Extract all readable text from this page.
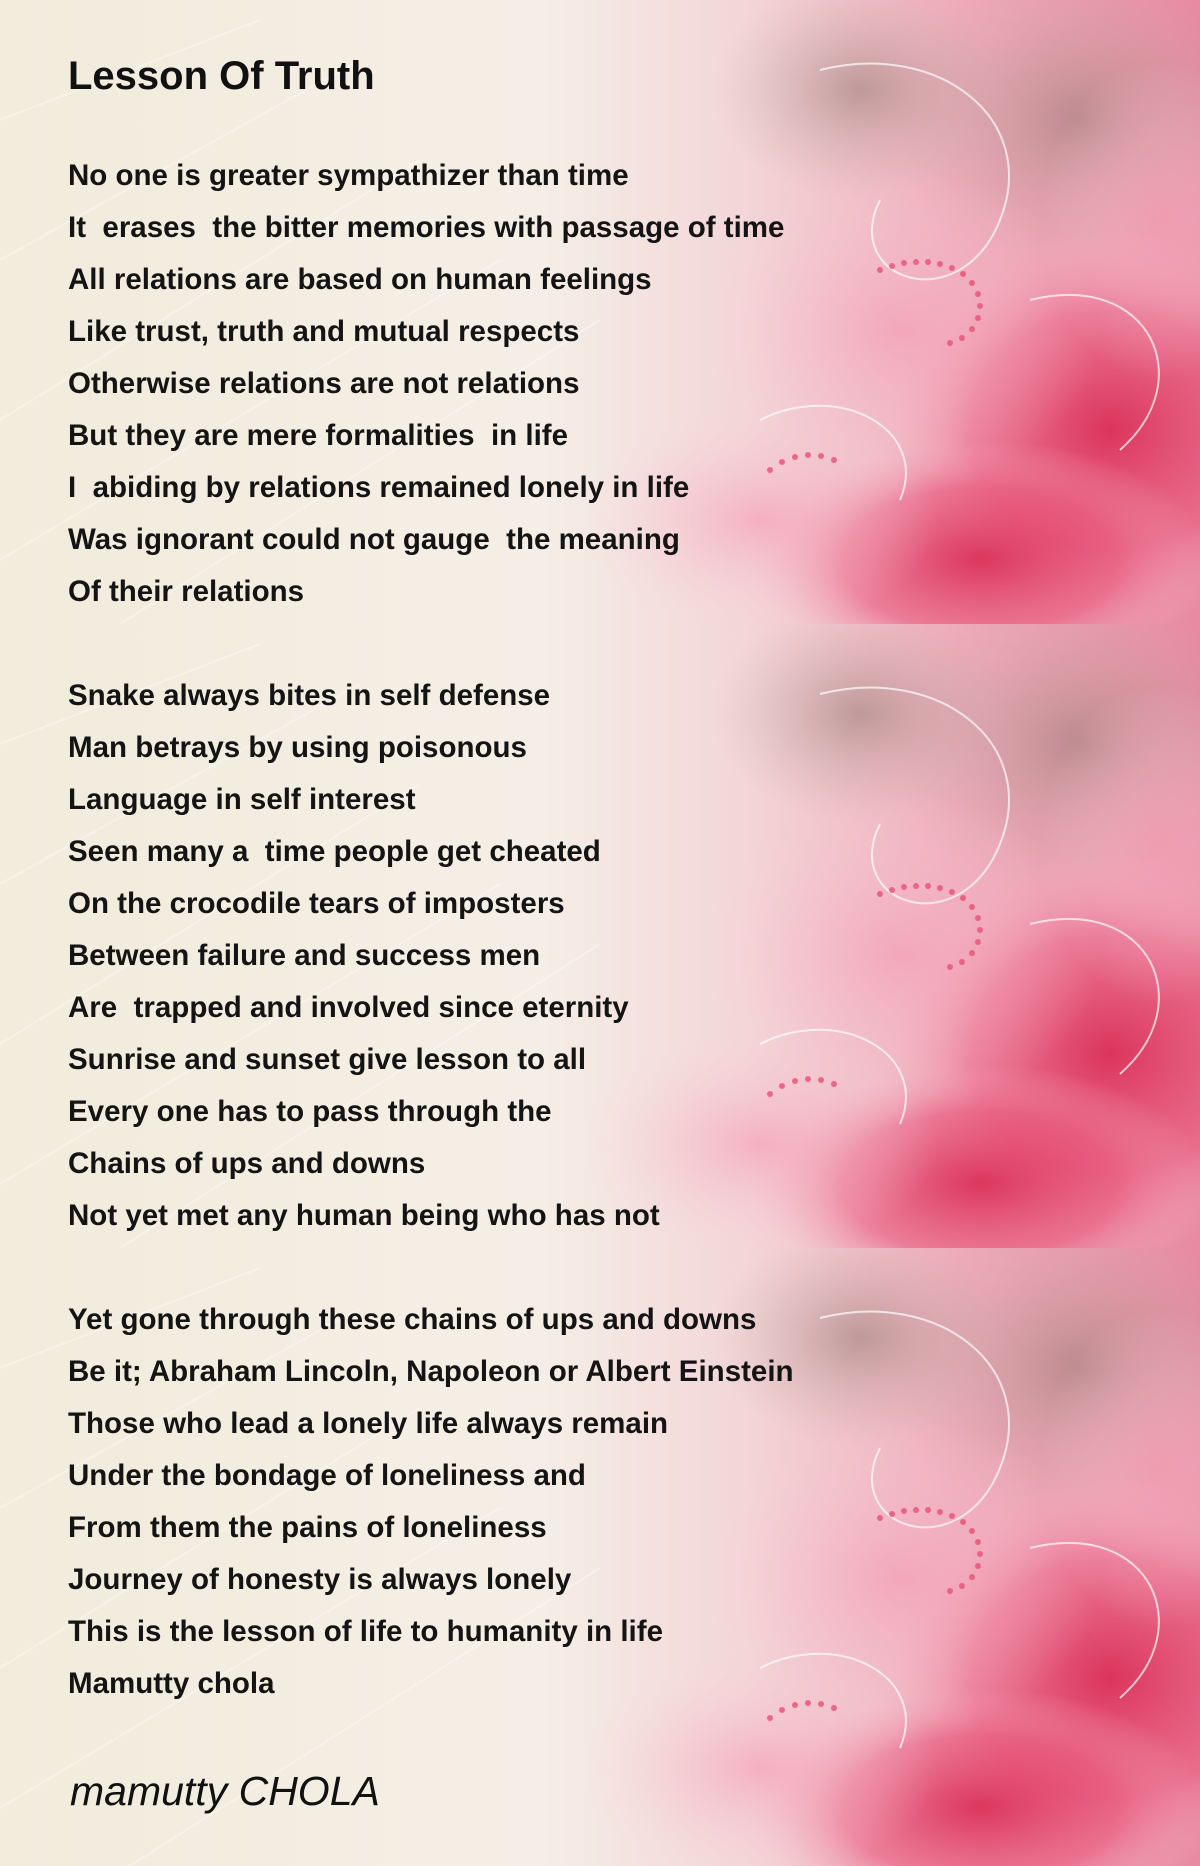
Lesson Of Truth
No one is greater sympathizer than time
It  erases  the bitter memories with passage of time
All relations are based on human feelings
Like trust, truth and mutual respects
Otherwise relations are not relations
But they are mere formalities  in life
I  abiding by relations remained lonely in life
Was ignorant could not gauge  the meaning
Of their relations
Snake always bites in self defense
Man betrays by using poisonous
Language in self interest
Seen many a  time people get cheated
On the crocodile tears of imposters
Between failure and success men
Are  trapped and involved since eternity
Sunrise and sunset give lesson to all
Every one has to pass through the
Chains of ups and downs
Not yet met any human being who has not
Yet gone through these chains of ups and downs
Be it; Abraham Lincoln, Napoleon or Albert Einstein
Those who lead a lonely life always remain
Under the bondage of loneliness and
From them the pains of loneliness
Journey of honesty is always lonely
This is the lesson of life to humanity in life
Mamutty chola

mamutty CHOLA
